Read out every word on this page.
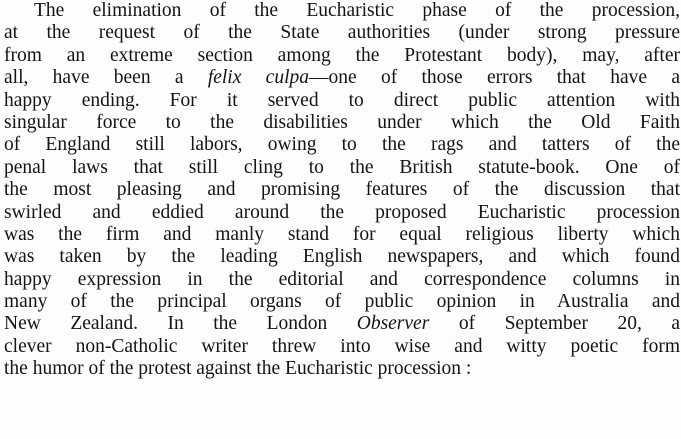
The elimination of the Eucharistic phase of the procession,
at the request of the State authorities (under strong pressure
from an extreme section among the Protestant body), may, after
all, have been a felix culpa—one of those errors that have a
happy ending. For it served to direct public attention with
singular force to the disabilities under which the Old Faith
of England still labors, owing to the rags and tatters of the
penal laws that still cling to the British statute-book. One of
the most pleasing and promising features of the discussion that
swirled and eddied around the proposed Eucharistic procession
was the firm and manly stand for equal religious liberty which
was taken by the leading English newspapers, and which found
happy expression in the editorial and correspondence columns in
many of the principal organs of public opinion in Australia and
New Zealand. In the London Observer of September 20, a
clever non-Catholic writer threw into wise and witty poetic form
the humor of the protest against the Eucharistic procession :
